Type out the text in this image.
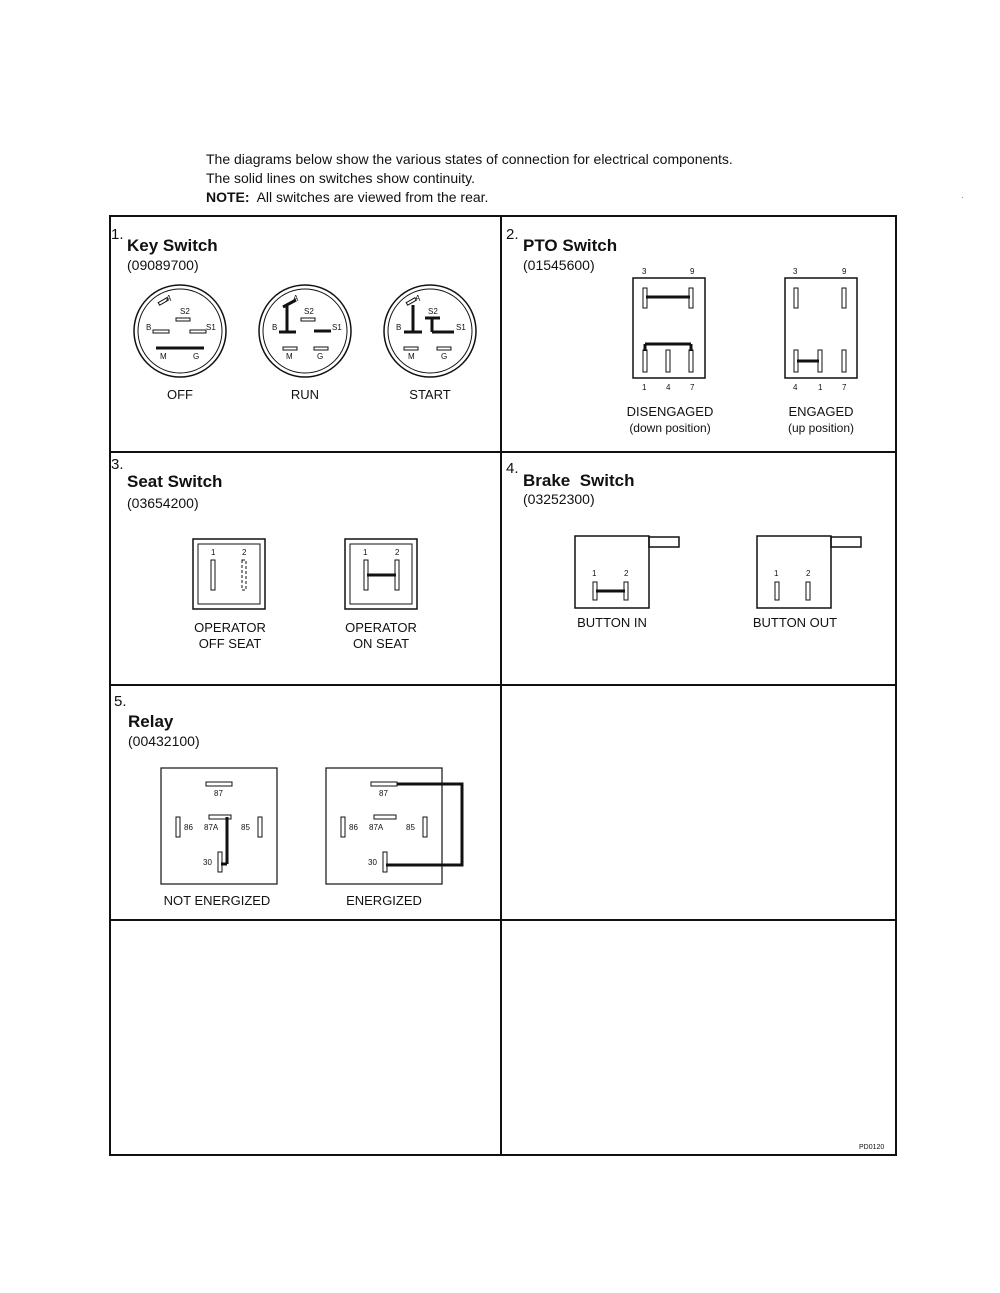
The diagrams below show the various states of connection for electrical components.
The solid lines on switches show continuity.
NOTE: All switches are viewed from the rear.	·
1.
Key Switch
(09089700)
A
S2
B	S1
M	G
A
S2
B	S1
M	G
A
S2
B	S1
M	G
OFF	RUN	START
2.
PTO Switch
(01545600)	3	9
1 4 7
3	9
4	1 7
DISENGAGED
(down position)
ENGAGED
(up position)
3.
Seat Switch
(03654200)
1	2	1	2
OPERATOR
OFF SEAT
OPERATOR
ON SEAT
4.
Brake  Switch
(03252300)
1	2	1	2
BUTTON IN	BUTTON OUT
5.
Relay
(00432100)
87
86 87A	85
30
87
86 87A	85
30
NOT ENERGIZED	ENERGIZED
PD0120
